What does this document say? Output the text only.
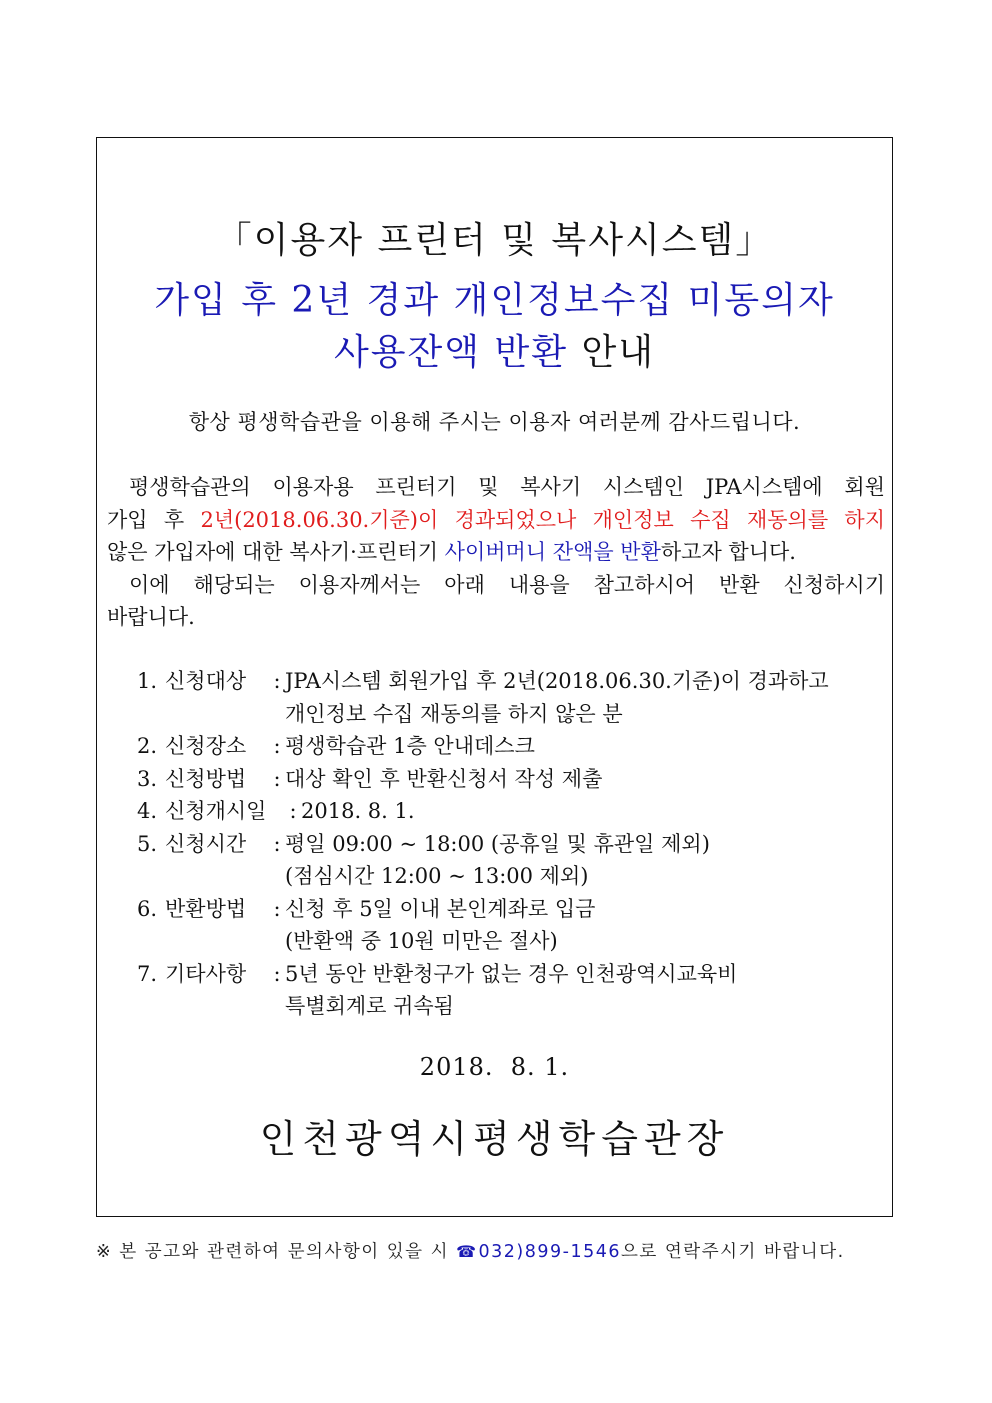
「이용자 프린터 및 복사시스템」
가입 후 2년 경과 개인정보수집 미동의자
사용잔액 반환 안내
항상 평생학습관을 이용해 주시는 이용자 여러분께 감사드립니다.

평생학습관의 이용자용 프린터기 및 복사기 시스템인 JPA시스템에 회원
가입 후 2년(2018.06.30.기준)이 경과되었으나 개인정보 수집 재동의를 하지
않은 가입자에 대한 복사기·프린터기 사이버머니 잔액을 반환하고자 합니다.

이에 해당되는 이용자께서는 아래 내용을 참고하시어 반환 신청하시기
바랍니다.

1. 신청대상	: JPA시스템 회원가입 후 2년(2018.06.30.기준)이 경과하고
개인정보 수집 재동의를 하지 않은 분
2. 신청장소	: 평생학습관 1층 안내데스크
3. 신청방법	: 대상 확인 후 반환신청서 작성 제출
4. 신청개시일	: 2018. 8. 1.
5. 신청시간	: 평일 09:00 ~ 18:00 (공휴일 및 휴관일 제외)
(점심시간 12:00 ~ 13:00 제외)
6. 반환방법	: 신청 후 5일 이내 본인계좌로 입금
(반환액 중 10원 미만은 절사)
7. 기타사항	: 5년 동안 반환청구가 없는 경우 인천광역시교육비
특별회계로 귀속됨
2018.  8. 1.
인천광역시평생학습관장
※ 본 공고와 관련하여 문의사항이 있을 시 ☎032)899-1546으로 연락주시기 바랍니다.
